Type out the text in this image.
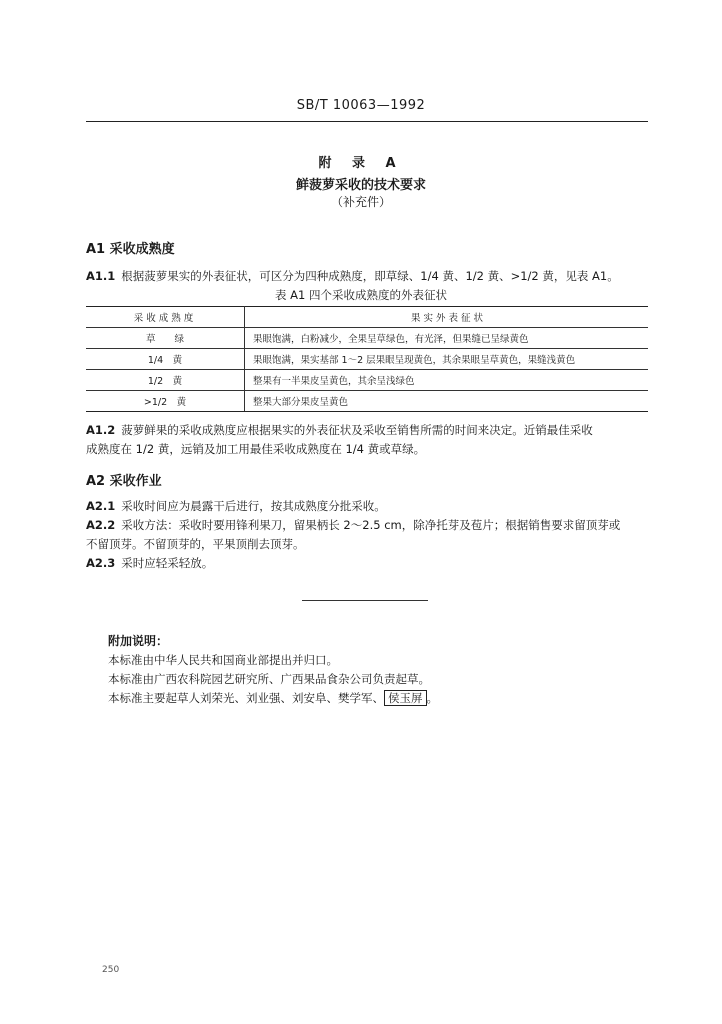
SB/T 10063—1992
附 录 A
鲜菠萝采收的技术要求
（补充件）
A1 采收成熟度
A1.1 根据菠萝果实的外表征状，可区分为四种成熟度，即草绿、1/4 黄、1/2 黄、>1/2 黄，见表 A1。
表 A1 四个采收成熟度的外表征状
采收成熟度	果实外表征状
草　　绿	果眼饱满，白粉减少，全果呈草绿色，有光泽，但果缝已呈绿黄色
1/4　黄	果眼饱满，果实基部 1～2 层果眼呈现黄色，其余果眼呈草黄色，果缝浅黄色
1/2　黄	整果有一半果皮呈黄色，其余呈浅绿色
>1/2　黄	整果大部分果皮呈黄色
A1.2 菠萝鲜果的采收成熟度应根据果实的外表征状及采收至销售所需的时间来决定。近销最佳采收
成熟度在 1/2 黄，远销及加工用最佳采收成熟度在 1/4 黄或草绿。
A2 采收作业
A2.1 采收时间应为晨露干后进行，按其成熟度分批采收。
A2.2 采收方法：采收时要用锋利果刀，留果柄长 2～2.5 cm，除净托芽及苞片；根据销售要求留顶芽或
不留顶芽。不留顶芽的，平果顶削去顶芽。
A2.3 采时应轻采轻放。
附加说明：
本标准由中华人民共和国商业部提出并归口。
本标准由广西农科院园艺研究所、广西果品食杂公司负责起草。
本标准主要起草人刘荣光、刘业强、刘安阜、樊学军、 侯玉屏 。
250
